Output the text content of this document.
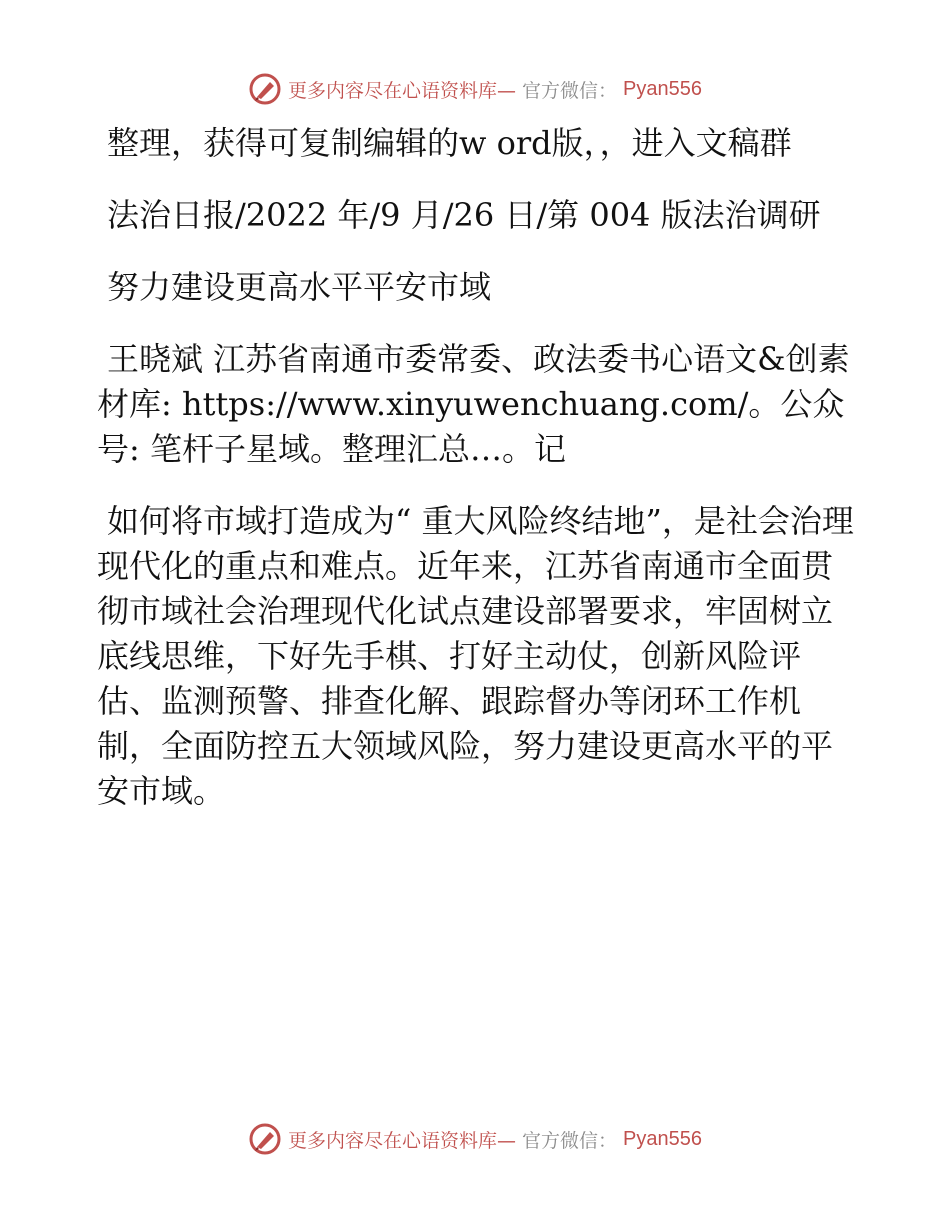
更多内容尽在心语资料库— 官方微信： Pyan556

整理，获得可复制编辑的w ord版，，进入文稿群

法治日报/2022 年/9 月/26 日/第 004 版法治调研

努力建设更高水平平安市域

王晓斌 江苏省南通市委常委、政法委书心语文&创素材库: https://www.xinyuwenchuang.com/。公众号: 笔杆子星域。整理汇总…。记

如何将市域打造成为“ 重大风险终结地”，是社会治理现代化的重点和难点。近年来，江苏省南通市全面贯彻市域社会治理现代化试点建设部署要求，牢固树立底线思维，下好先手棋、打好主动仗，创新风险评估、监测预警、排查化解、跟踪督办等闭环工作机制，全面防控五大领域风险，努力建设更高水平的平安市域。

更多内容尽在心语资料库— 官方微信： Pyan556
